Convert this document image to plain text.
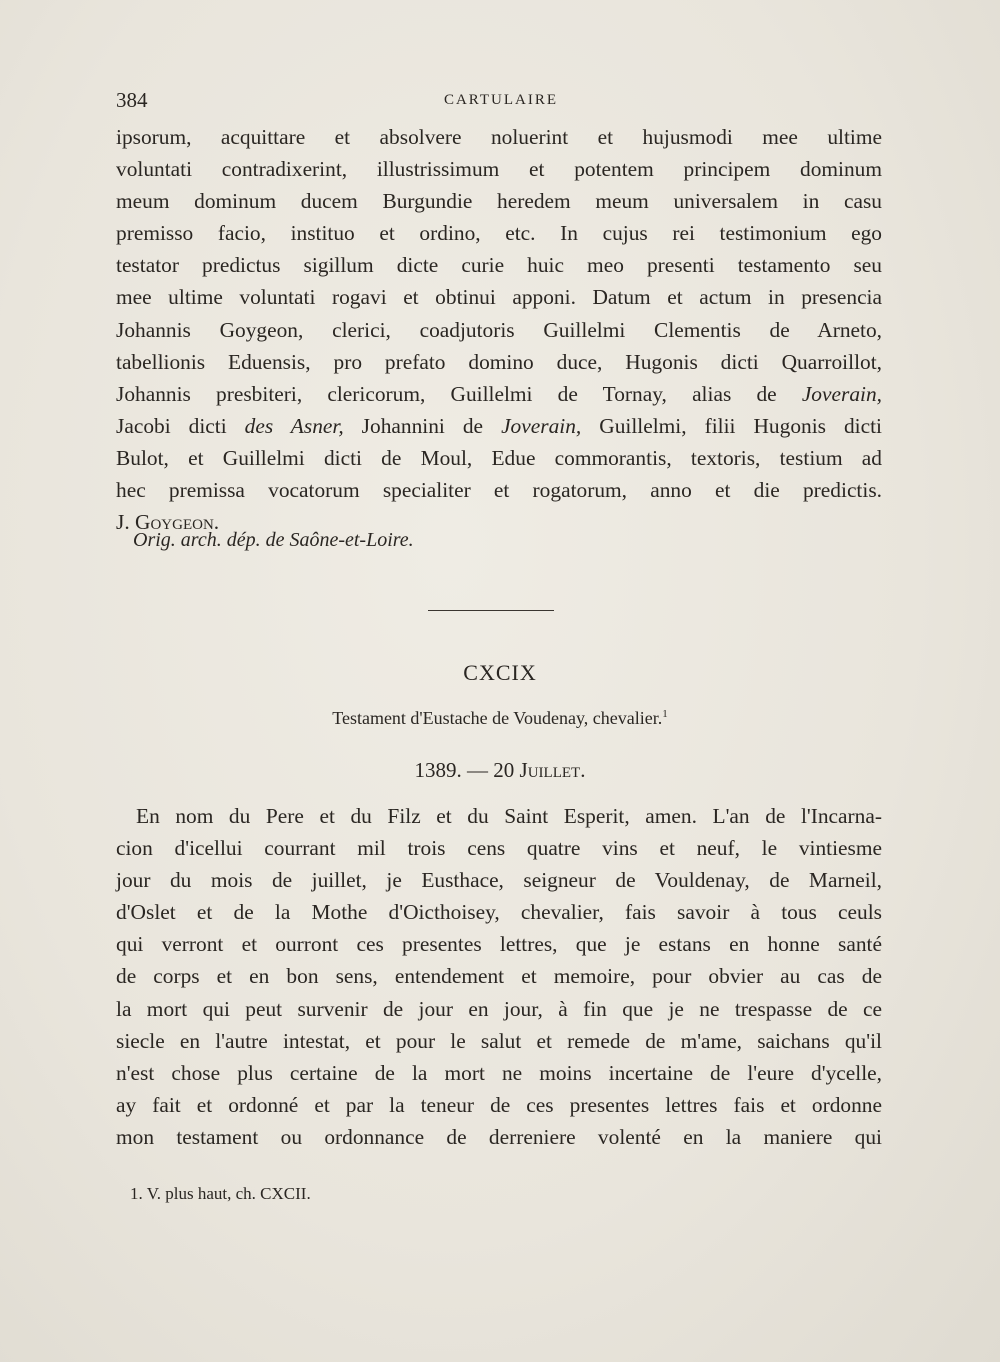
384	CARTULAIRE
ipsorum, acquittare et absolvere noluerint et hujusmodi mee ultime
voluntati contradixerint, illustrissimum et potentem principem dominum
meum dominum ducem Burgundie heredem meum universalem in casu
premisso facio, instituo et ordino, etc. In cujus rei testimonium ego
testator predictus sigillum dicte curie huic meo presenti testamento seu
mee ultime voluntati rogavi et obtinui apponi. Datum et actum in presencia
Johannis Goygeon, clerici, coadjutoris Guillelmi Clementis de Arneto,
tabellionis Eduensis, pro prefato domino duce, Hugonis dicti Quarroillot,
Johannis presbiteri, clericorum, Guillelmi de Tornay, alias de Joverain,
Jacobi dicti des Asner, Johannini de Joverain, Guillelmi, filii Hugonis dicti
Bulot, et Guillelmi dicti de Moul, Edue commorantis, textoris, testium ad
hec premissa vocatorum specialiter et rogatorum, anno et die predictis.
J. Goygeon.
Orig. arch. dép. de Saône-et-Loire.
CXCIX
Testament d'Eustache de Voudenay, chevalier.$^1$
1389. — 20 Juillet.
En nom du Pere et du Filz et du Saint Esperit, amen. L'an de l'Incarna-
cion d'icellui courrant mil trois cens quatre vins et neuf, le vintiesme
jour du mois de juillet, je Eusthace, seigneur de Vouldenay, de Marneil,
d'Oslet et de la Mothe d'Oicthoisey, chevalier, fais savoir à tous ceuls
qui verront et ourront ces presentes lettres, que je estans en honne santé
de corps et en bon sens, entendement et memoire, pour obvier au cas de
la mort qui peut survenir de jour en jour, à fin que je ne trespasse de ce
siecle en l'autre intestat, et pour le salut et remede de m'ame, saichans qu'il
n'est chose plus certaine de la mort ne moins incertaine de l'eure d'ycelle,
ay fait et ordonné et par la teneur de ces presentes lettres fais et ordonne
mon testament ou ordonnance de derreniere volenté en la maniere qui
1. V. plus haut, ch. CXCII.
